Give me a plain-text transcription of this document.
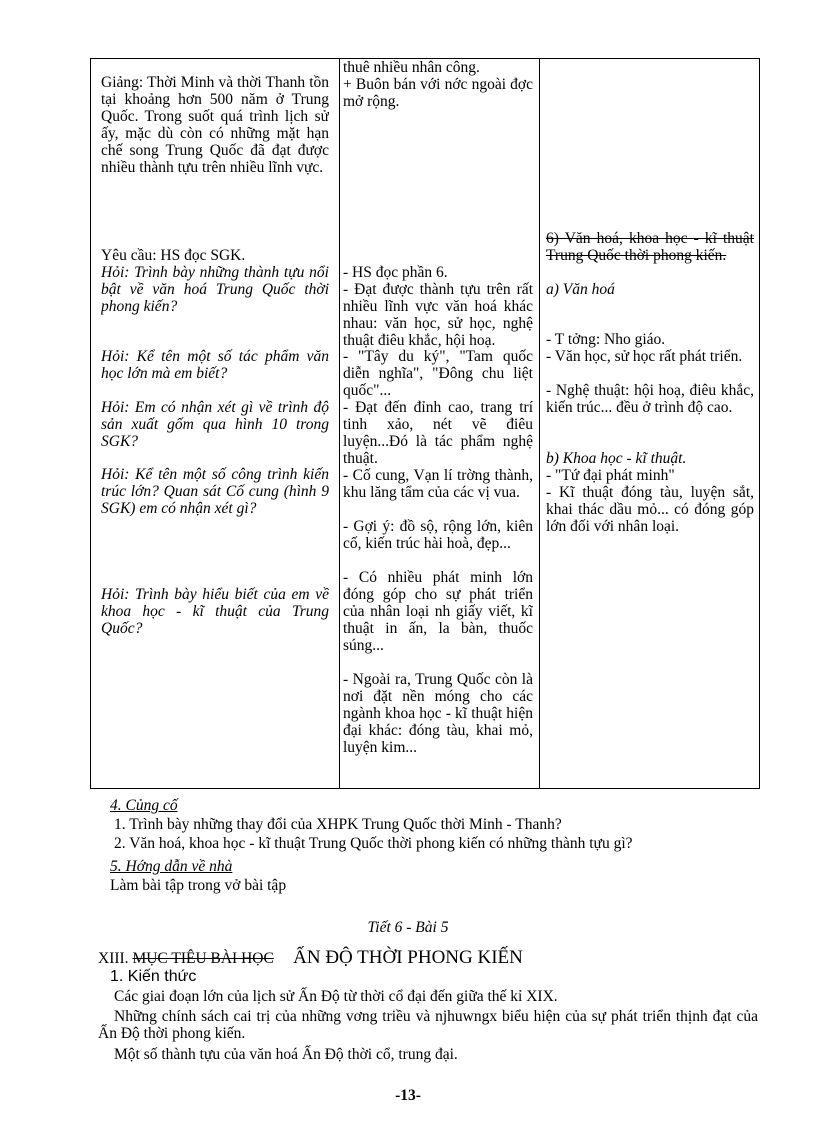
Giảng: Thời Minh và thời Thanh tồn tại khoảng hơn 500 năm ở Trung Quốc. Trong suốt quá trình lịch sử ấy, mặc dù còn có những mặt hạn chế song Trung Quốc đã đạt được nhiều thành tựu trên nhiều lĩnh vực.

Yêu cầu: HS đọc SGK.

Hỏi: Trình bày những thành tựu nổi bật về văn hoá Trung Quốc thời phong kiến?

Hỏi: Kể tên một số tác phẩm văn học lớn mà em biết?

Hỏi: Em có nhận xét gì về trình độ sản xuất gốm qua hình 10 trong SGK?

Hỏi: Kể tên một số công trình kiến trúc lớn? Quan sát Cố cung (hình 9 SGK) em có nhận xét gì?

Hỏi: Trình bày hiểu biết của em về khoa học - kĩ thuật của Trung Quốc?

thuê nhiều nhân công.

+ Buôn bán với nớc ngoài đợc mở rộng.

- HS đọc phần 6.

- Đạt được thành tựu trên rất nhiều lĩnh vực văn hoá khác nhau: văn học, sử học, nghệ thuật điêu khắc, hội hoạ.

- "Tây du ký", "Tam quốc diễn nghĩa", "Đông chu liệt quốc"...

- Đạt đến đỉnh cao, trang trí tinh xảo, nét vẽ điêu luyện...Đó là tác phẩm nghệ thuật.

- Cố cung, Vạn lí trờng thành, khu lăng tẩm của các vị vua.

- Gợi ý: đồ sộ, rộng lớn, kiên cố, kiến trúc hài hoà, đẹp...

- Có nhiều phát minh lớn đóng góp cho sự phát triển của nhân loại nh giấy viết, kĩ thuật in ấn, la bàn, thuốc súng...

- Ngoài ra, Trung Quốc còn là nơi đặt nền móng cho các ngành khoa học - kĩ thuật hiện đại khác: đóng tàu, khai mỏ, luyện kim...

6) Văn hoá, khoa học - kĩ thuật Trung Quốc thời phong kiến.

a) Văn hoá

- T tởng: Nho giáo.

- Văn học, sử học rất phát triển.

- Nghệ thuật: hội hoạ, điêu khắc, kiến trúc... đều ở trình độ cao.

b) Khoa học - kĩ thuật.

- "Tứ đại phát minh"

- Kĩ thuật đóng tàu, luyện sắt, khai thác dầu mỏ... có đóng góp lớn đối với nhân loại.

4. Củng cố

1. Trình bày những thay đổi của XHPK Trung Quốc thời Minh - Thanh?

2. Văn hoá, khoa học - kĩ thuật Trung Quốc thời phong kiến có những thành tựu gì?

5. Hớng dẫn về nhà

Làm bài tập trong vở bài tập

Tiết 6 - Bài 5

ẤN ĐỘ THỜI PHONG KIẾN

XIII. MỤC TIÊU BÀI HỌC

1. Kiến thức

Các giai đoạn lớn của lịch sử Ấn Độ từ thời cổ đại đến giữa thế kỉ XIX.

Những chính sách cai trị của những vơng triều và njhuwngx biểu hiện của sự phát triển thịnh đạt của Ấn Độ thời phong kiến.

Một số thành tựu của văn hoá Ấn Độ thời cổ, trung đại.

-13-
